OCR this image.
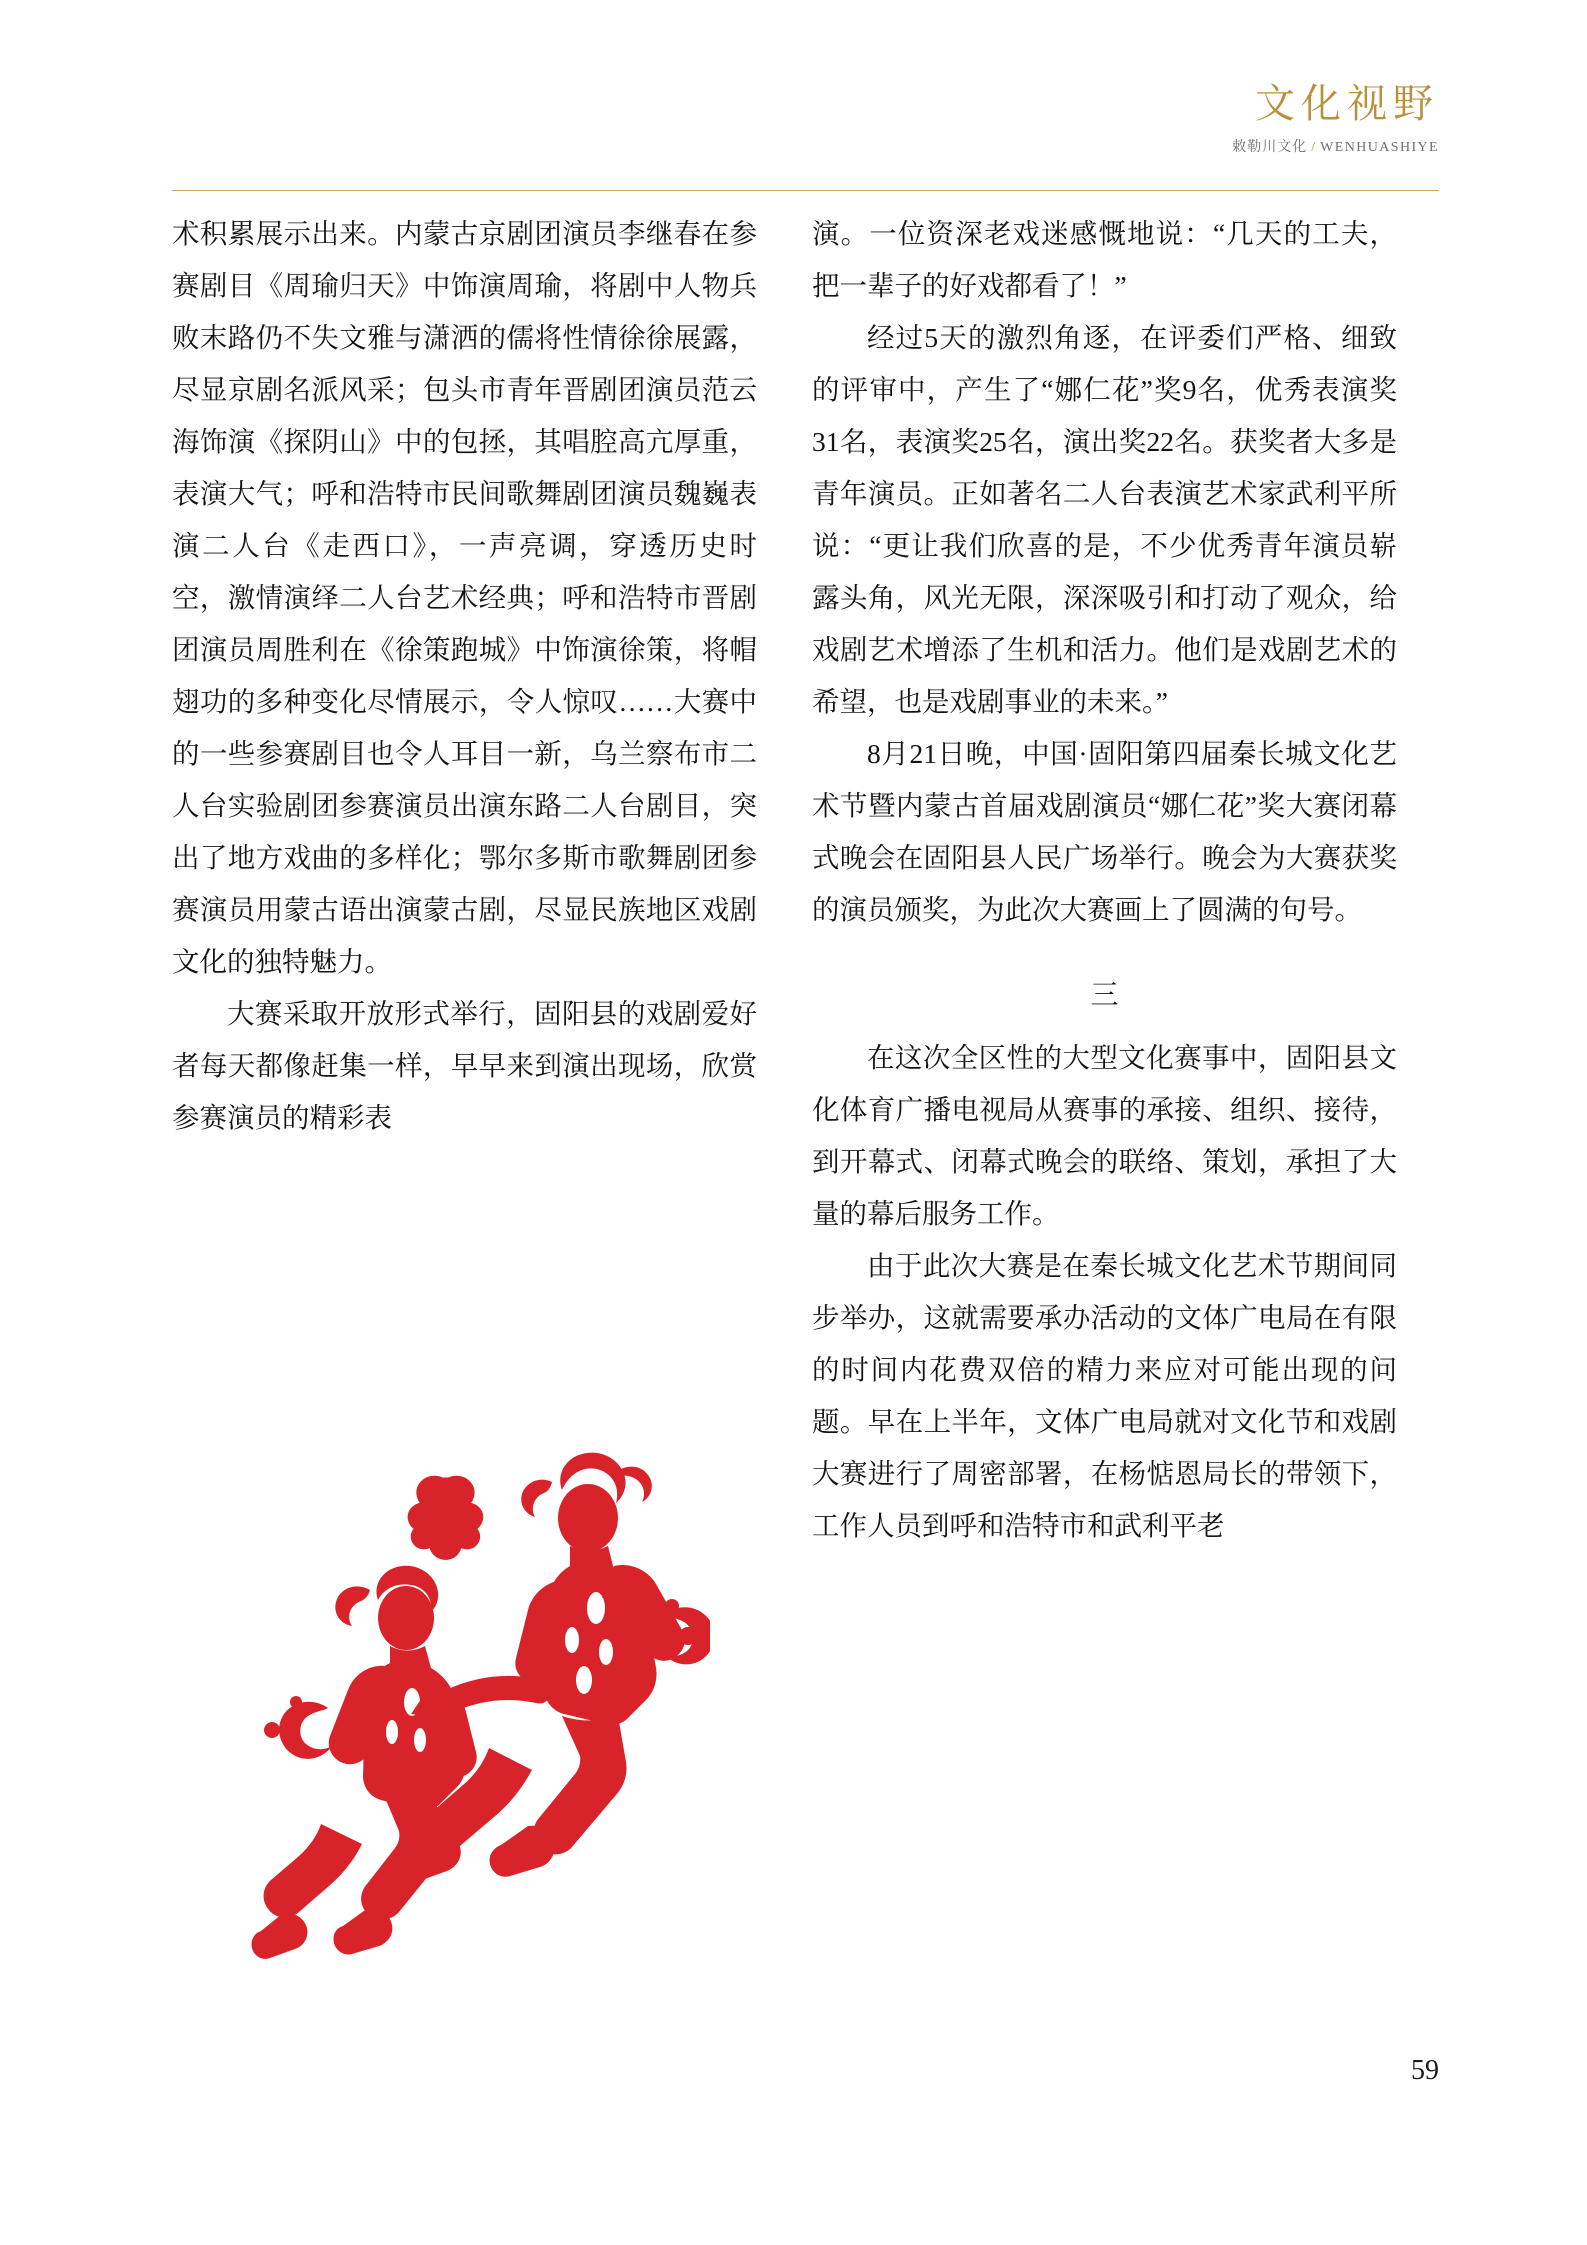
文化视野
敕勒川文化 / WENHUASHIYE

术积累展示出来。内蒙古京剧团演员李继春在参赛剧目《周瑜归天》中饰演周瑜，将剧中人物兵败末路仍不失文雅与潇洒的儒将性情徐徐展露，尽显京剧名派风采；包头市青年晋剧团演员范云海饰演《探阴山》中的包拯，其唱腔高亢厚重，表演大气；呼和浩特市民间歌舞剧团演员魏巍表演二人台《走西口》，一声亮调，穿透历史时空，激情演绎二人台艺术经典；呼和浩特市晋剧团演员周胜利在《徐策跑城》中饰演徐策，将帽翅功的多种变化尽情展示，令人惊叹……大赛中的一些参赛剧目也令人耳目一新，乌兰察布市二人台实验剧团参赛演员出演东路二人台剧目，突出了地方戏曲的多样化；鄂尔多斯市歌舞剧团参赛演员用蒙古语出演蒙古剧，尽显民族地区戏剧文化的独特魅力。

大赛采取开放形式举行，固阳县的戏剧爱好者每天都像赶集一样，早早来到演出现场，欣赏参赛演员的精彩表

演。一位资深老戏迷感慨地说：“几天的工夫，把一辈子的好戏都看了！”

经过5天的激烈角逐，在评委们严格、细致的评审中，产生了“娜仁花”奖9名，优秀表演奖31名，表演奖25名，演出奖22名。获奖者大多是青年演员。正如著名二人台表演艺术家武利平所说：“更让我们欣喜的是，不少优秀青年演员崭露头角，风光无限，深深吸引和打动了观众，给戏剧艺术增添了生机和活力。他们是戏剧艺术的希望，也是戏剧事业的未来。”

8月21日晚，中国·固阳第四届秦长城文化艺术节暨内蒙古首届戏剧演员“娜仁花”奖大赛闭幕式晚会在固阳县人民广场举行。晚会为大赛获奖的演员颁奖，为此次大赛画上了圆满的句号。

三

在这次全区性的大型文化赛事中，固阳县文化体育广播电视局从赛事的承接、组织、接待，到开幕式、闭幕式晚会的联络、策划，承担了大量的幕后服务工作。

由于此次大赛是在秦长城文化艺术节期间同步举办，这就需要承办活动的文体广电局在有限的时间内花费双倍的精力来应对可能出现的问题。早在上半年，文体广电局就对文化节和戏剧大赛进行了周密部署，在杨惦恩局长的带领下，工作人员到呼和浩特市和武利平老

59
